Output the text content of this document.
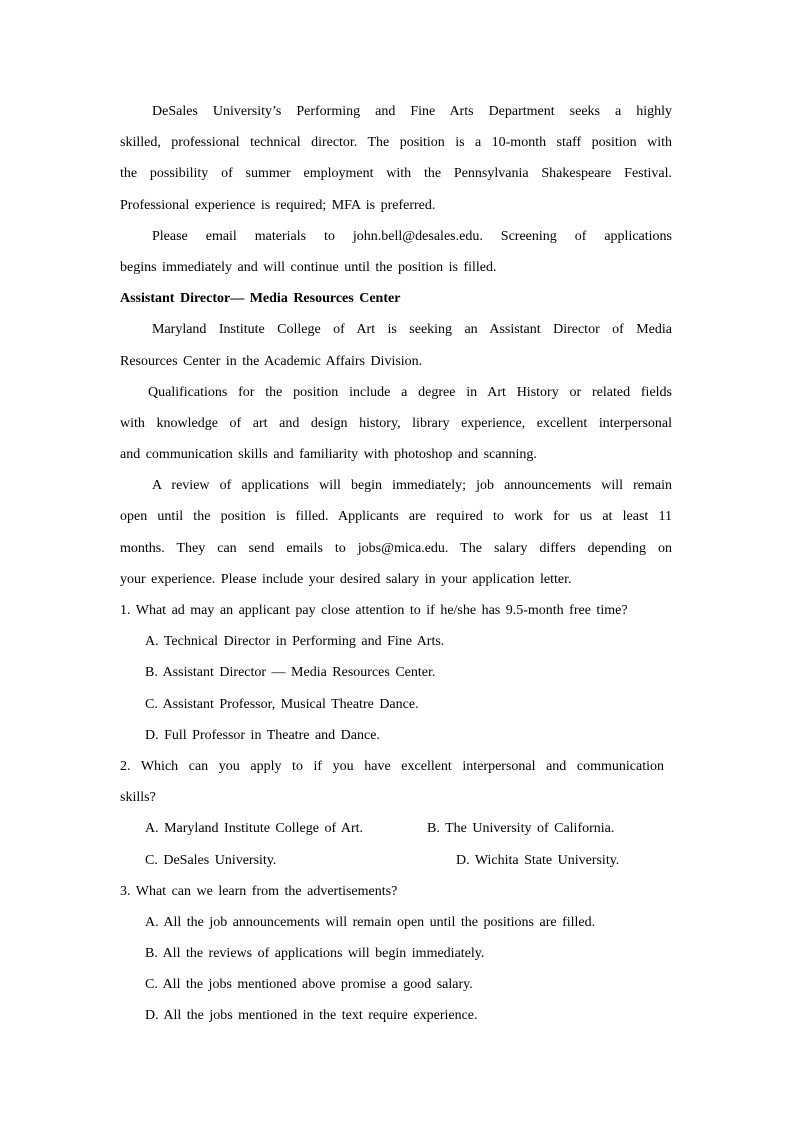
DeSales University’s Performing and Fine Arts Department seeks a highly
skilled, professional technical director. The position is a 10-month staff position with
the possibility of summer employment with the Pennsylvania Shakespeare Festival.
Professional experience is required; MFA is preferred.
Please email materials to john.bell@desales.edu. Screening of applications
begins immediately and will continue until the position is filled.
Assistant Director— Media Resources Center
Maryland Institute College of Art is seeking an Assistant Director of Media
Resources Center in the Academic Affairs Division.
Qualifications for the position include a degree in Art History or related fields
with knowledge of art and design history, library experience, excellent interpersonal
and communication skills and familiarity with photoshop and scanning.
A review of applications will begin immediately; job announcements will remain
open until the position is filled. Applicants are required to work for us at least 11
months. They can send emails to jobs@mica.edu. The salary differs depending on
your experience. Please include your desired salary in your application letter.
1. What ad may an applicant pay close attention to if he/she has 9.5-month free time?
A. Technical Director in Performing and Fine Arts.
B. Assistant Director — Media Resources Center.
C. Assistant Professor, Musical Theatre Dance.
D. Full Professor in Theatre and Dance.
2. Which can you apply to if you have excellent interpersonal and communication
skills?
A. Maryland Institute College of Art.	B. The University of California.
C. DeSales University.	D. Wichita State University.
3. What can we learn from the advertisements?
A. All the job announcements will remain open until the positions are filled.
B. All the reviews of applications will begin immediately.
C. All the jobs mentioned above promise a good salary.
D. All the jobs mentioned in the text require experience.
